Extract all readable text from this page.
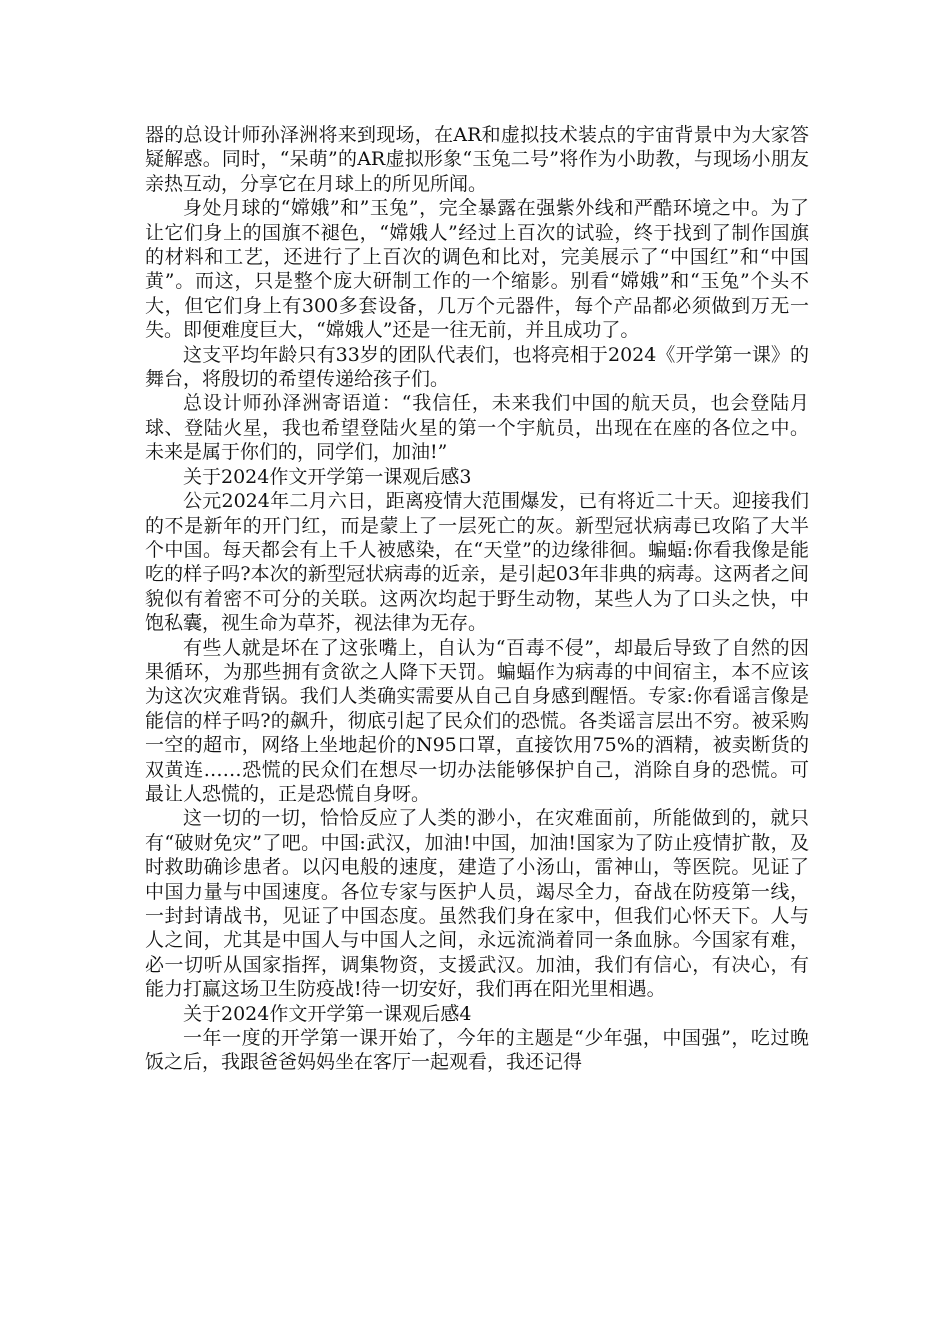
器的总设计师孙泽洲将来到现场，在AR和虚拟技术装点的宇宙背景中为大家答疑解惑。同时，“呆萌”的AR虚拟形象“玉兔二号”将作为小助教，与现场小朋友亲热互动，分享它在月球上的所见所闻。

身处月球的“嫦娥”和”玉兔”，完全暴露在强紫外线和严酷环境之中。为了让它们身上的国旗不褪色，“嫦娥人”经过上百次的试验，终于找到了制作国旗的材料和工艺，还进行了上百次的调色和比对，完美展示了“中国红”和“中国黄”。而这，只是整个庞大研制工作的一个缩影。别看“嫦娥”和“玉兔”个头不大，但它们身上有300多套设备，几万个元器件，每个产品都必须做到万无一失。即便难度巨大，“嫦娥人”还是一往无前，并且成功了。

这支平均年龄只有33岁的团队代表们，也将亮相于2024《开学第一课》的舞台，将殷切的希望传递给孩子们。

总设计师孙泽洲寄语道：“我信任，未来我们中国的航天员，也会登陆月球、登陆火星，我也希望登陆火星的第一个宇航员，出现在在座的各位之中。未来是属于你们的，同学们，加油!”

关于2024作文开学第一课观后感3

公元2024年二月六日，距离疫情大范围爆发，已有将近二十天。迎接我们的不是新年的开门红，而是蒙上了一层死亡的灰。新型冠状病毒已攻陷了大半个中国。每天都会有上千人被感染，在“天堂”的边缘徘徊。蝙蝠:你看我像是能吃的样子吗?本次的新型冠状病毒的近亲，是引起03年非典的病毒。这两者之间貌似有着密不可分的关联。这两次均起于野生动物，某些人为了口头之快，中饱私囊，视生命为草芥，视法律为无存。

有些人就是坏在了这张嘴上，自认为“百毒不侵”，却最后导致了自然的因果循环，为那些拥有贪欲之人降下天罚。蝙蝠作为病毒的中间宿主，本不应该为这次灾难背锅。我们人类确实需要从自己自身感到醒悟。专家:你看谣言像是能信的样子吗?的飙升，彻底引起了民众们的恐慌。各类谣言层出不穷。被采购一空的超市，网络上坐地起价的N95口罩，直接饮用75%的酒精，被卖断货的双黄连……恐慌的民众们在想尽一切办法能够保护自己，消除自身的恐慌。可最让人恐慌的，正是恐慌自身呀。

这一切的一切，恰恰反应了人类的渺小，在灾难面前，所能做到的，就只有“破财免灾”了吧。中国:武汉，加油!中国，加油!国家为了防止疫情扩散，及时救助确诊患者。以闪电般的速度，建造了小汤山，雷神山，等医院。见证了中国力量与中国速度。各位专家与医护人员，竭尽全力，奋战在防疫第一线，一封封请战书，见证了中国态度。虽然我们身在家中，但我们心怀天下。人与人之间，尤其是中国人与中国人之间，永远流淌着同一条血脉。今国家有难，必一切听从国家指挥，调集物资，支援武汉。加油，我们有信心，有决心，有能力打赢这场卫生防疫战!待一切安好，我们再在阳光里相遇。

关于2024作文开学第一课观后感4

一年一度的开学第一课开始了，今年的主题是“少年强，中国强”，吃过晚饭之后，我跟爸爸妈妈坐在客厅一起观看，我还记得
